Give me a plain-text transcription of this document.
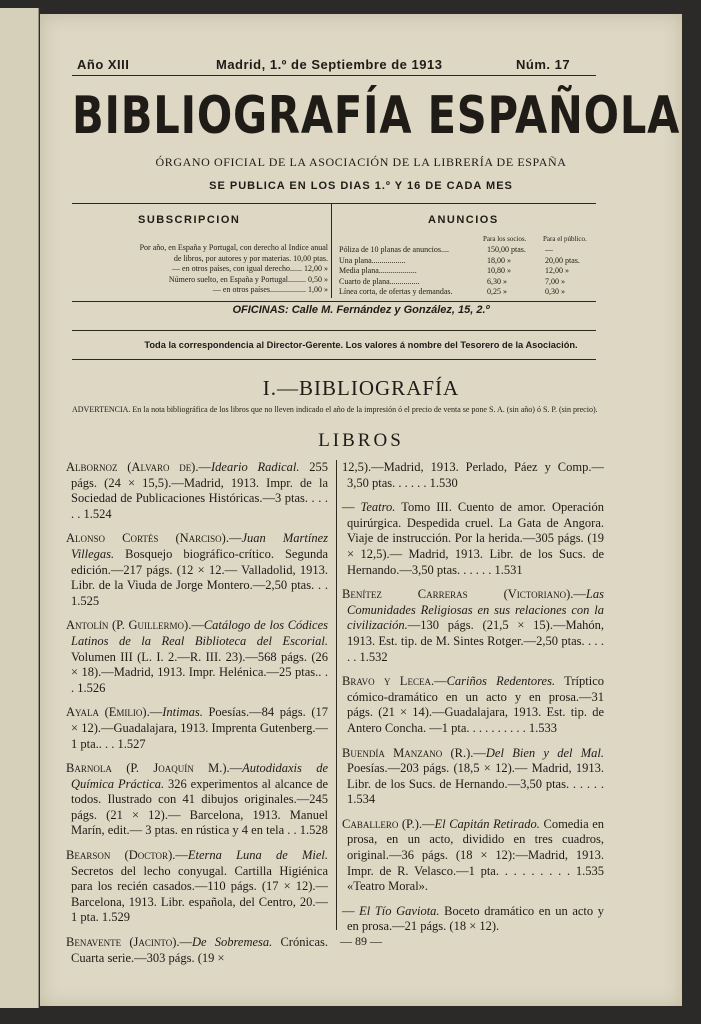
Año XIII	Madrid, 1.º de Septiembre de 1913	Núm. 17
BIBLIOGRAFÍA ESPAÑOLA
ÓRGANO OFICIAL DE LA ASOCIACIÓN DE LA LIBRERÍA DE ESPAÑA
SE PUBLICA EN LOS DIAS 1.º Y 16 DE CADA MES
SUBSCRIPCION
Por año, en España y Portugal, con derecho al Indice anual
de libros, por autores y por materias. 10,00 ptas.
— en otros países, con igual derecho...... 12,00 »
Número suelto, en España y Portugal......... 0,50 »
— en otros países.................. 1,00 »
ANUNCIOS
Para los socios. Para el público.
Póliza de 10 planas de anuncios....	150,00 ptas.	—
Una plana.................	18,00 »	20,00 ptas.
Media plana...................	10,80 »	12,00 »
Cuarto de plana...............	6,30 »	7,00 »
Línea corta, de ofertas y demandas.	0,25 »	0,30 »
OFICINAS: Calle M. Fernández y González, 15, 2.º
Toda la correspondencia al Director-Gerente. Los valores á nombre del Tesorero de la Asociación.
I.—BIBLIOGRAFÍA
ADVERTENCIA. En la nota bibliográfica de los libros que no lleven indicado el año de la impresión ó el precio de venta se pone S. A. (sin año) ó S. P. (sin precio).
LIBROS
Albornoz (Alvaro de).—Ideario Radical. 255 págs. (24 × 15,5).—Madrid, 1913. Impr. de la Sociedad de Publicaciones Históricas.—3 ptas. . . . . . 1.524
Alonso Cortés (Narciso).—Juan Martínez Villegas. Bosquejo biográfico-crítico. Segunda edición.—217 págs. (12 × 12.— Valladolid, 1913. Libr. de la Viuda de Jorge Montero.—2,50 ptas. . . 1.525
Antolín (P. Guillermo).—Catálogo de los Códices Latinos de la Real Biblioteca del Escorial. Volumen III (L. I. 2.—R. III. 23).—568 págs. (26 × 18).—Madrid, 1913. Impr. Helénica.—25 ptas.. . . 1.526
Ayala (Emilio).—Intimas. Poesías.—84 págs. (17 × 12).—Guadalajara, 1913. Imprenta Gutenberg.—1 pta.. . . 1.527
Barnola (P. Joaquín M.).—Autodidaxis de Química Práctica. 326 experimentos al alcance de todos. Ilustrado con 41 dibujos originales.—245 págs. (21 × 12).— Barcelona, 1913. Manuel Marín, edit.— 3 ptas. en rústica y 4 en tela . . 1.528
Bearson (Doctor).—Eterna Luna de Miel. Secretos del lecho conyugal. Cartilla Higiénica para los recién casados.—110 págs. (17 × 12).—Barcelona, 1913. Libr. española, del Centro, 20.—1 pta. 1.529
Benavente (Jacinto).—De Sobremesa. Crónicas. Cuarta serie.—303 págs. (19 ×
12,5).—Madrid, 1913. Perlado, Páez y Comp.—3,50 ptas. . . . . . 1.530
— Teatro. Tomo III. Cuento de amor. Operación quirúrgica. Despedida cruel. La Gata de Angora. Viaje de instrucción. Por la herida.—305 págs. (19 × 12,5).— Madrid, 1913. Libr. de los Sucs. de Hernando.—3,50 ptas. . . . . . 1.531
Benítez Carreras (Victoriano).—Las Comunidades Religiosas en sus relaciones con la civilización.—130 págs. (21,5 × 15).—Mahón, 1913. Est. tip. de M. Sintes Rotger.—2,50 ptas. . . . . . 1.532
Bravo y Lecea.—Cariños Redentores. Tríptico cómico-dramático en un acto y en prosa.—31 págs. (21 × 14).—Guadalajara, 1913. Est. tip. de Antero Concha. —1 pta. . . . . . . . . . 1.533
Buendía Manzano (R.).—Del Bien y del Mal. Poesías.—203 págs. (18,5 × 12).— Madrid, 1913. Libr. de los Sucs. de Hernando.—3,50 ptas. . . . . . 1.534
Caballero (P.).—El Capitán Retirado. Comedia en prosa, en un acto, dividido en tres cuadros, original.—36 págs. (18 × 12):—Madrid, 1913. Impr. de R. Velasco.—1 pta. . . . . . . . . 1.535 «Teatro Moral».
— El Tío Gaviota. Boceto dramático en un acto y en prosa.—21 págs. (18 × 12).
— 89 —
